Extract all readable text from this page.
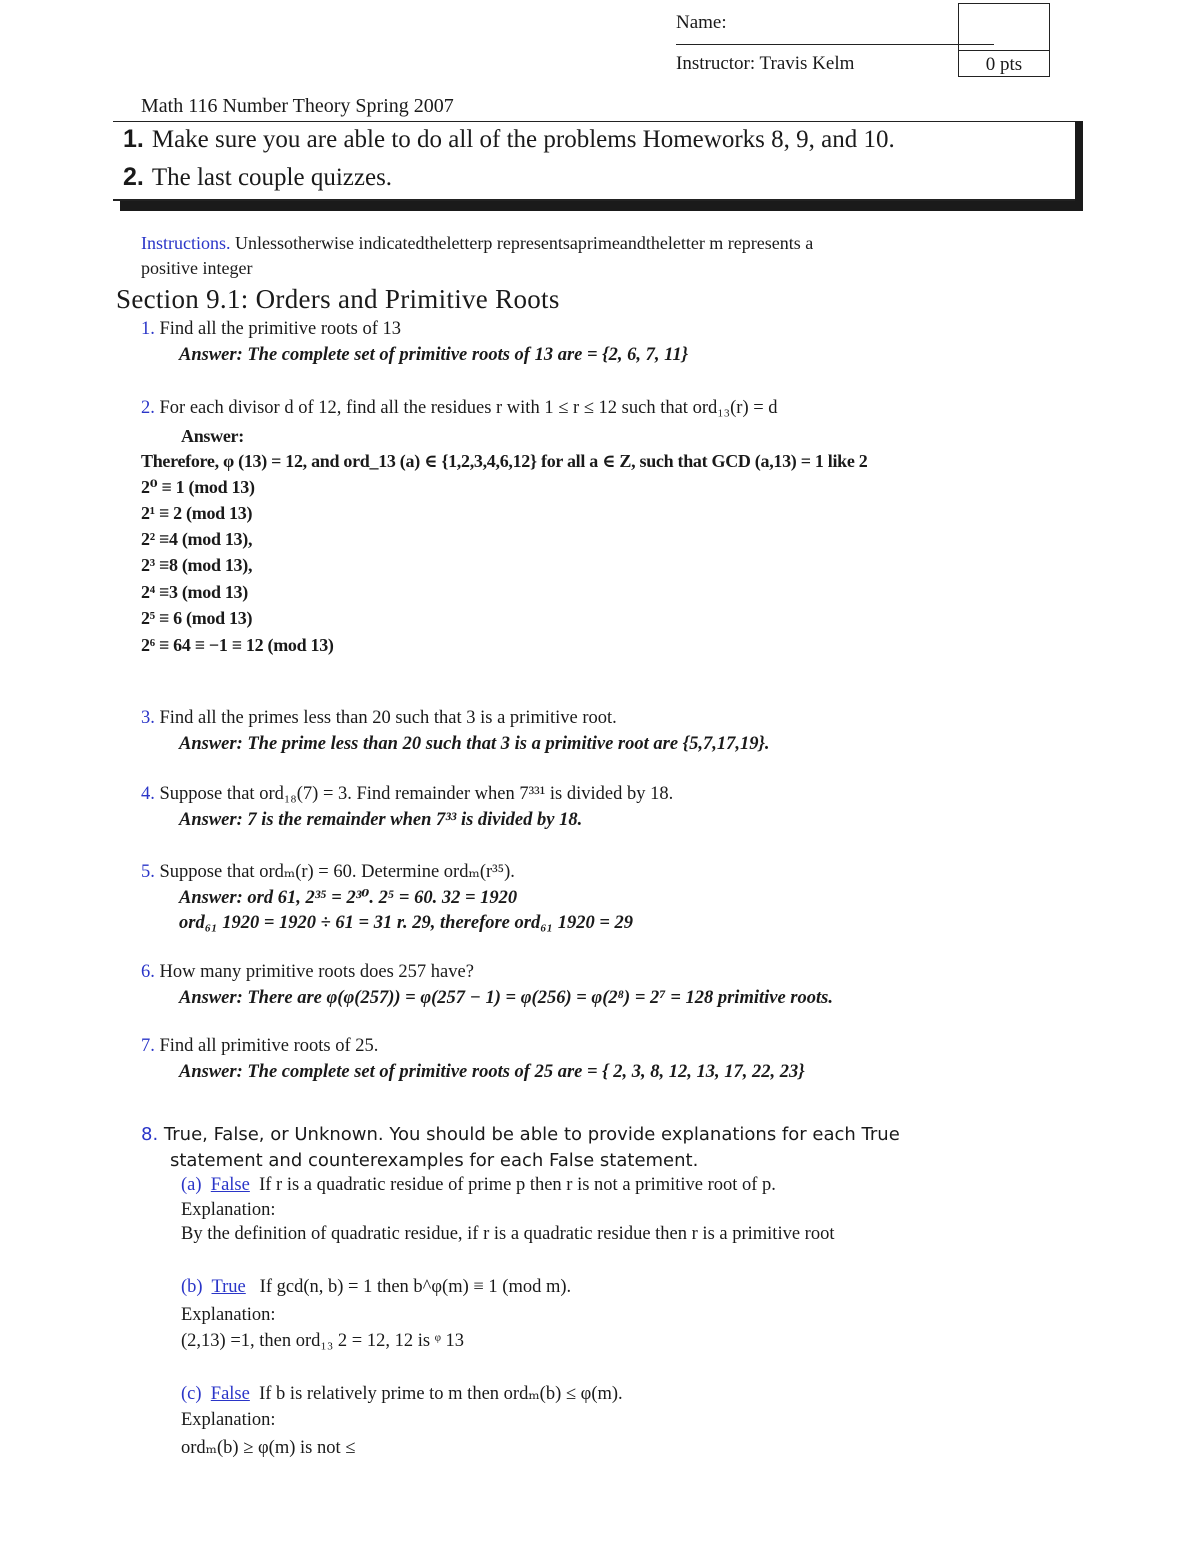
Name:
Instructor: Travis Kelm	0 pts
Math 116 Number Theory Spring 2007
1. Make sure you are able to do all of the problems Homeworks 8, 9, and 10.
2. The last couple quizzes.
Instructions. Unlessotherwise indicatedtheletterp representsaprimeandtheletter m represents a
positive integer
Section 9.1: Orders and Primitive Roots
1. Find all the primitive roots of 13
Answer: The complete set of primitive roots of 13 are = {2, 6, 7, 11}
2. For each divisor d of 12, find all the residues r with 1 ≤ r ≤ 12 such that ord₁₃(r) = d
Answer:
Therefore, φ (13) = 12, and ord_13 (a) ∈ {1,2,3,4,6,12} for all a ∈ Z, such that GCD (a,13) = 1 like 2
2⁰ ≡ 1 (mod 13)
2¹ ≡ 2 (mod 13)
2² ≡4 (mod 13),
2³ ≡8 (mod 13),
2⁴ ≡3 (mod 13)
2⁵ ≡ 6 (mod 13)
2⁶ ≡ 64 ≡ −1 ≡ 12 (mod 13)
3. Find all the primes less than 20 such that 3 is a primitive root.
Answer: The prime less than 20 such that 3 is a primitive root are {5,7,17,19}.
4. Suppose that ord₁₈(7) = 3. Find remainder when 7³³¹ is divided by 18.
Answer: 7 is the remainder when 7³³ is divided by 18.
5. Suppose that ordₘ(r) = 60. Determine ordₘ(r³⁵).
Answer: ord 61, 2³⁵ = 2³⁰. 2⁵ = 60. 32 = 1920
ord₆₁ 1920 = 1920 ÷ 61 = 31 r. 29, therefore ord₆₁ 1920 = 29
6. How many primitive roots does 257 have?
Answer: There are φ(φ(257)) = φ(257 − 1) = φ(256) = φ(2⁸) = 2⁷ = 128 primitive roots.
7. Find all primitive roots of 25.
Answer: The complete set of primitive roots of 25 are = { 2, 3, 8, 12, 13, 17, 22, 23}
8. True, False, or Unknown. You should be able to provide explanations for each True
statement and counterexamples for each False statement.
(a) False If r is a quadratic residue of prime p then r is not a primitive root of p.
Explanation:
By the definition of quadratic residue, if r is a quadratic residue then r is a primitive root
(b) True If gcd(n, b) = 1 then b^φ(m) ≡ 1 (mod m).
Explanation:
(2,13) =1, then ord₁₃ 2 = 12, 12 is ᵠ 13
(c) False If b is relatively prime to m then ordₘ(b) ≤ φ(m).
Explanation:
ordₘ(b) ≥ φ(m) is not ≤
